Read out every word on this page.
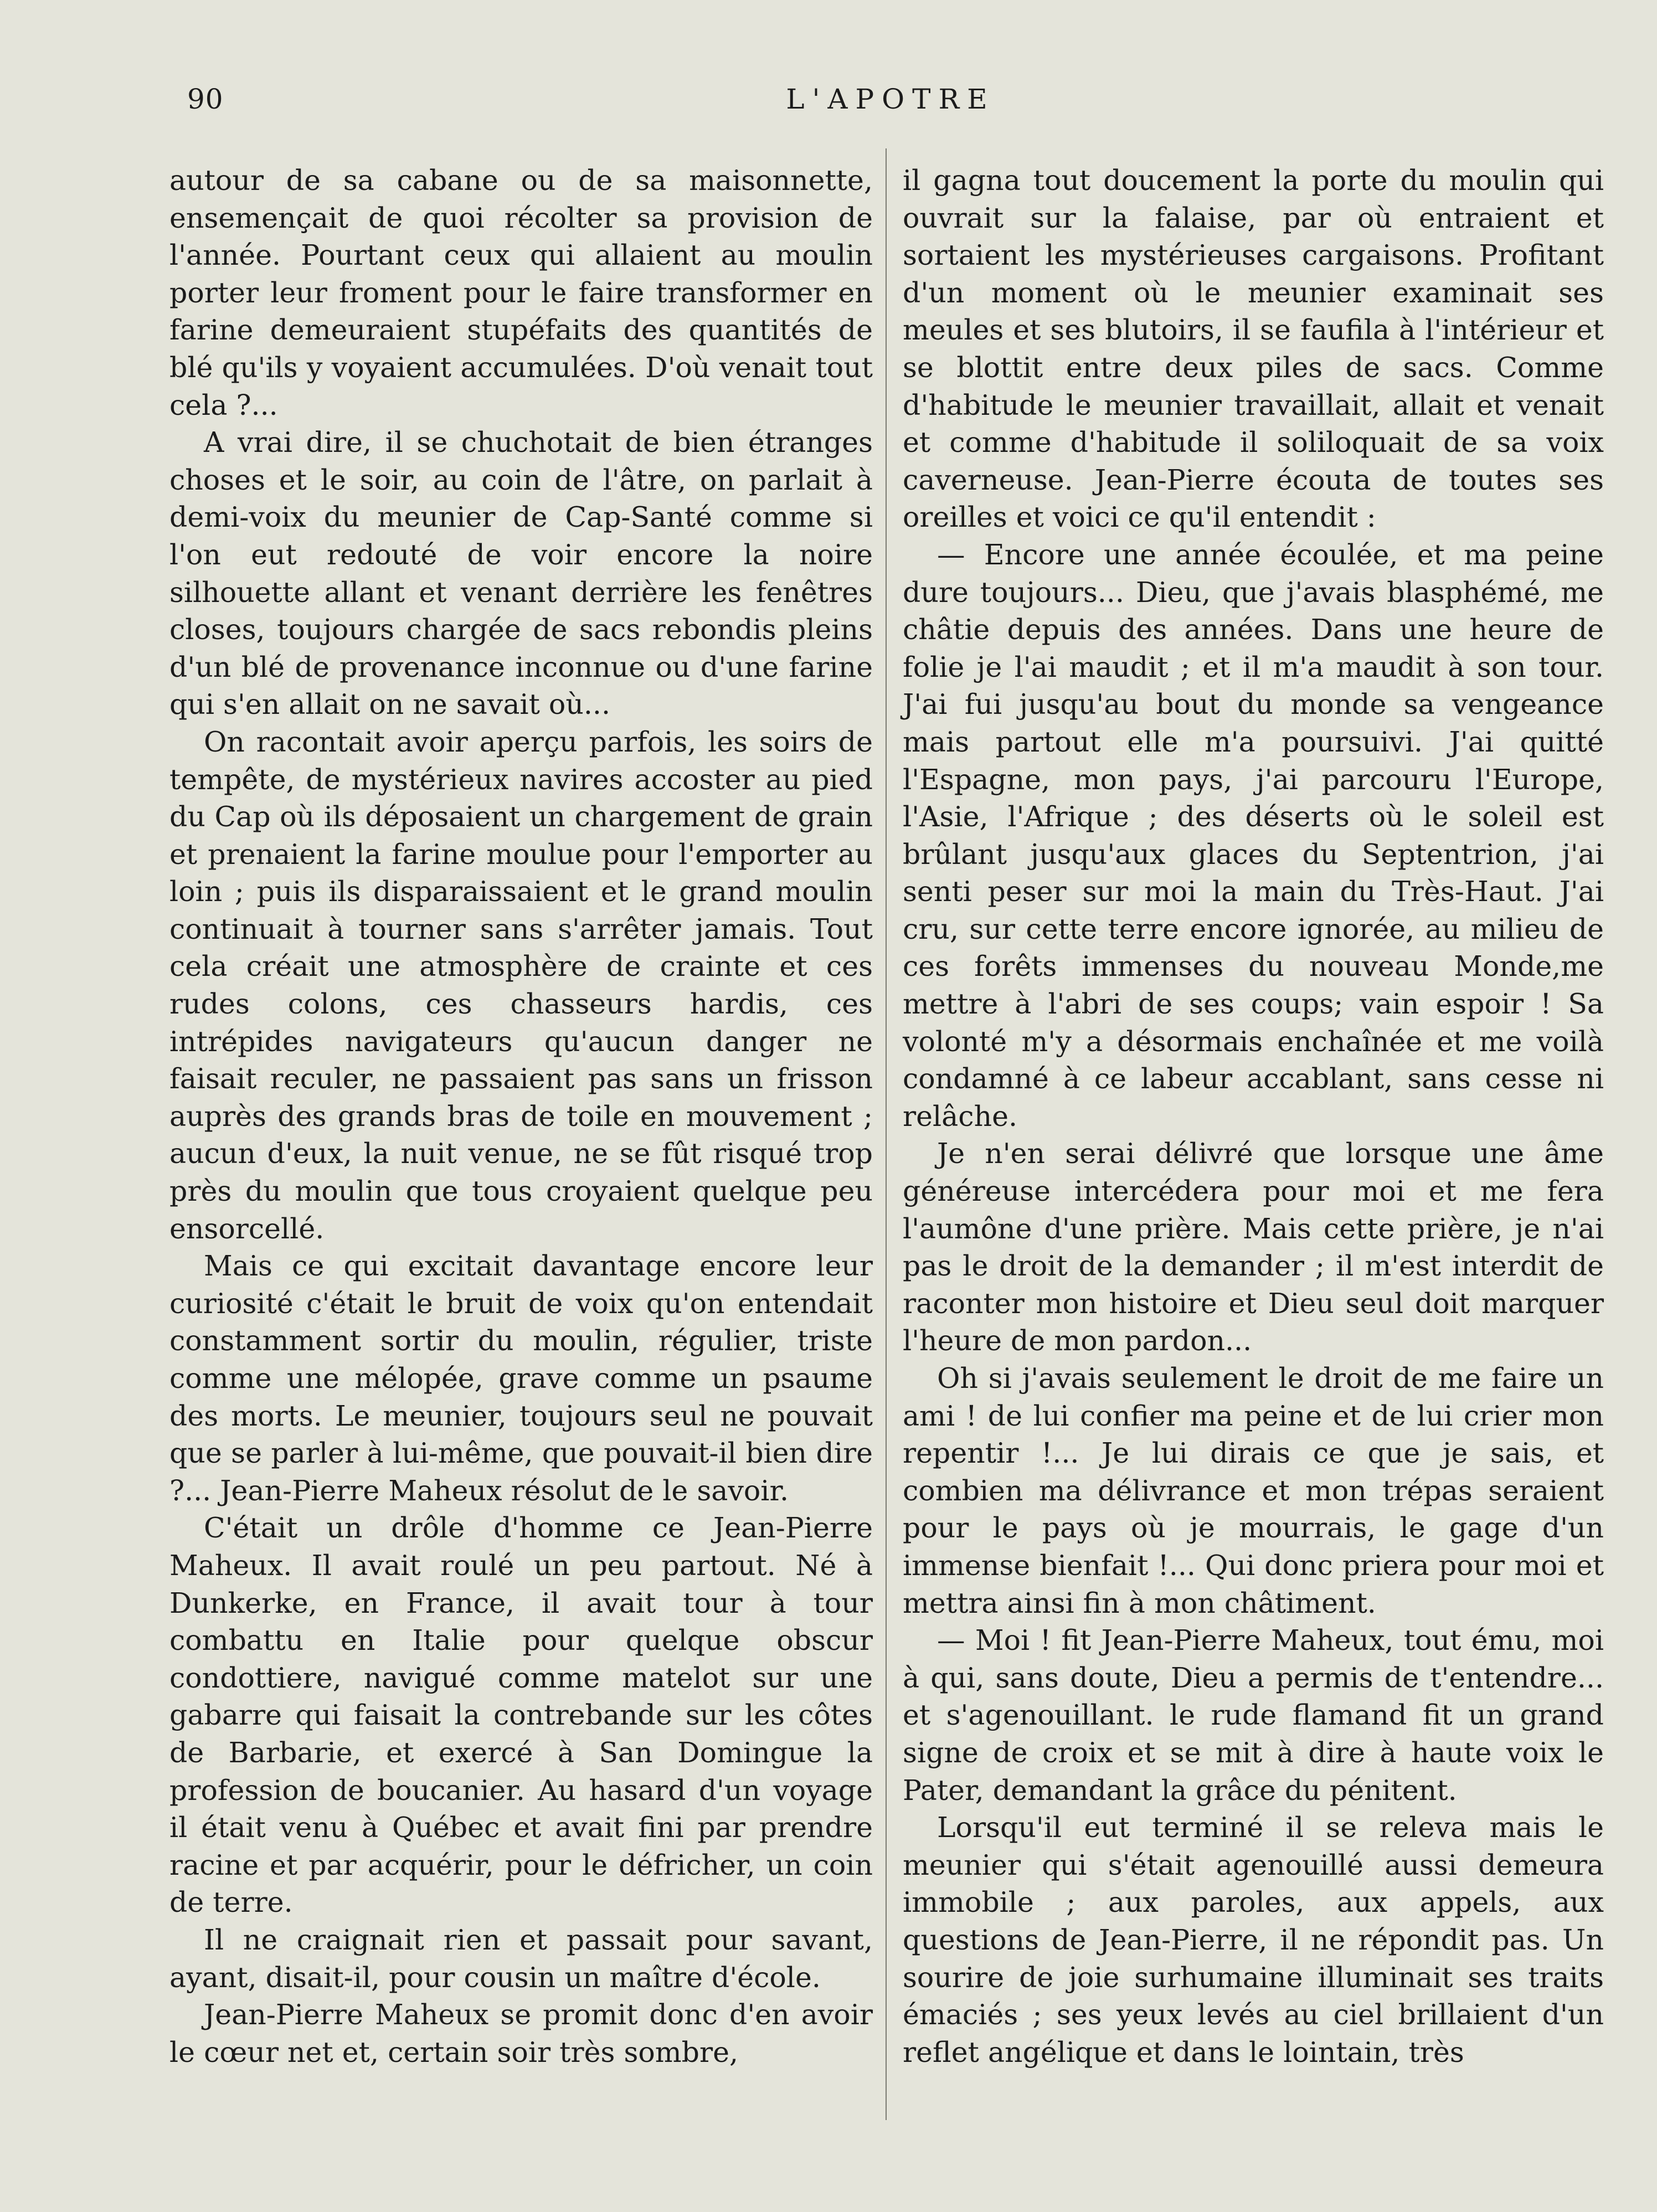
90	L'APOTRE

autour de sa cabane ou de sa maisonnette, ensemençait de quoi récolter sa provision de l'année. Pourtant ceux qui allaient au moulin porter leur froment pour le faire transformer en farine demeuraient stupéfaits des quantités de blé qu'ils y voyaient accumulées. D'où venait tout cela ?...

A vrai dire, il se chuchotait de bien étranges choses et le soir, au coin de l'âtre, on parlait à demi-voix du meunier de Cap-Santé comme si l'on eut redouté de voir encore la noire silhouette allant et venant derrière les fenêtres closes, toujours chargée de sacs rebondis pleins d'un blé de provenance inconnue ou d'une farine qui s'en allait on ne savait où...

On racontait avoir aperçu parfois, les soirs de tempête, de mystérieux navires accoster au pied du Cap où ils déposaient un chargement de grain et prenaient la farine moulue pour l'emporter au loin ; puis ils disparaissaient et le grand moulin continuait à tourner sans s'arrêter jamais. Tout cela créait une atmosphère de crainte et ces rudes colons, ces chasseurs hardis, ces intrépides navigateurs qu'aucun danger ne faisait reculer, ne passaient pas sans un frisson auprès des grands bras de toile en mouvement ; aucun d'eux, la nuit venue, ne se fût risqué trop près du moulin que tous croyaient quelque peu ensorcellé.

Mais ce qui excitait davantage encore leur curiosité c'était le bruit de voix qu'on entendait constamment sortir du moulin, régulier, triste comme une mélopée, grave comme un psaume des morts. Le meunier, toujours seul ne pouvait que se parler à lui-même, que pouvait-il bien dire ?... Jean-Pierre Maheux résolut de le savoir.

C'était un drôle d'homme ce Jean-Pierre Maheux. Il avait roulé un peu partout. Né à Dunkerke, en France, il avait tour à tour combattu en Italie pour quelque obscur condottiere, navigué comme matelot sur une gabarre qui faisait la contrebande sur les côtes de Barbarie, et exercé à San Domingue la profession de boucanier. Au hasard d'un voyage il était venu à Québec et avait fini par prendre racine et par acquérir, pour le défricher, un coin de terre.

Il ne craignait rien et passait pour savant, ayant, disait-il, pour cousin un maître d'école.

Jean-Pierre Maheux se promit donc d'en avoir le cœur net et, certain soir très sombre,

il gagna tout doucement la porte du moulin qui ouvrait sur la falaise, par où entraient et sortaient les mystérieuses cargaisons. Profitant d'un moment où le meunier examinait ses meules et ses blutoirs, il se faufila à l'intérieur et se blottit entre deux piles de sacs. Comme d'habitude le meunier travaillait, allait et venait et comme d'habitude il soliloquait de sa voix caverneuse. Jean-Pierre écouta de toutes ses oreilles et voici ce qu'il entendit :

— Encore une année écoulée, et ma peine dure toujours... Dieu, que j'avais blasphémé, me châtie depuis des années. Dans une heure de folie je l'ai maudit ; et il m'a maudit à son tour. J'ai fui jusqu'au bout du monde sa vengeance mais partout elle m'a poursuivi. J'ai quitté l'Espagne, mon pays, j'ai parcouru l'Europe, l'Asie, l'Afrique ; des déserts où le soleil est brûlant jusqu'aux glaces du Septentrion, j'ai senti peser sur moi la main du Très-Haut. J'ai cru, sur cette terre encore ignorée, au milieu de ces forêts immenses du nouveau Monde,me mettre à l'abri de ses coups; vain espoir ! Sa volonté m'y a désormais enchaînée et me voilà condamné à ce labeur accablant, sans cesse ni relâche.

Je n'en serai délivré que lorsque une âme généreuse intercédera pour moi et me fera l'aumône d'une prière. Mais cette prière, je n'ai pas le droit de la demander ; il m'est interdit de raconter mon histoire et Dieu seul doit marquer l'heure de mon pardon...

Oh si j'avais seulement le droit de me faire un ami ! de lui confier ma peine et de lui crier mon repentir !... Je lui dirais ce que je sais, et combien ma délivrance et mon trépas seraient pour le pays où je mourrais, le gage d'un immense bienfait !... Qui donc priera pour moi et mettra ainsi fin à mon châtiment.

— Moi ! fit Jean-Pierre Maheux, tout ému, moi à qui, sans doute, Dieu a permis de t'entendre... et s'agenouillant. le rude flamand fit un grand signe de croix et se mit à dire à haute voix le Pater, demandant la grâce du pénitent.

Lorsqu'il eut terminé il se releva mais le meunier qui s'était agenouillé aussi demeura immobile ; aux paroles, aux appels, aux questions de Jean-Pierre, il ne répondit pas. Un sourire de joie surhumaine illuminait ses traits émaciés ; ses yeux levés au ciel brillaient d'un reflet angélique et dans le lointain, très
